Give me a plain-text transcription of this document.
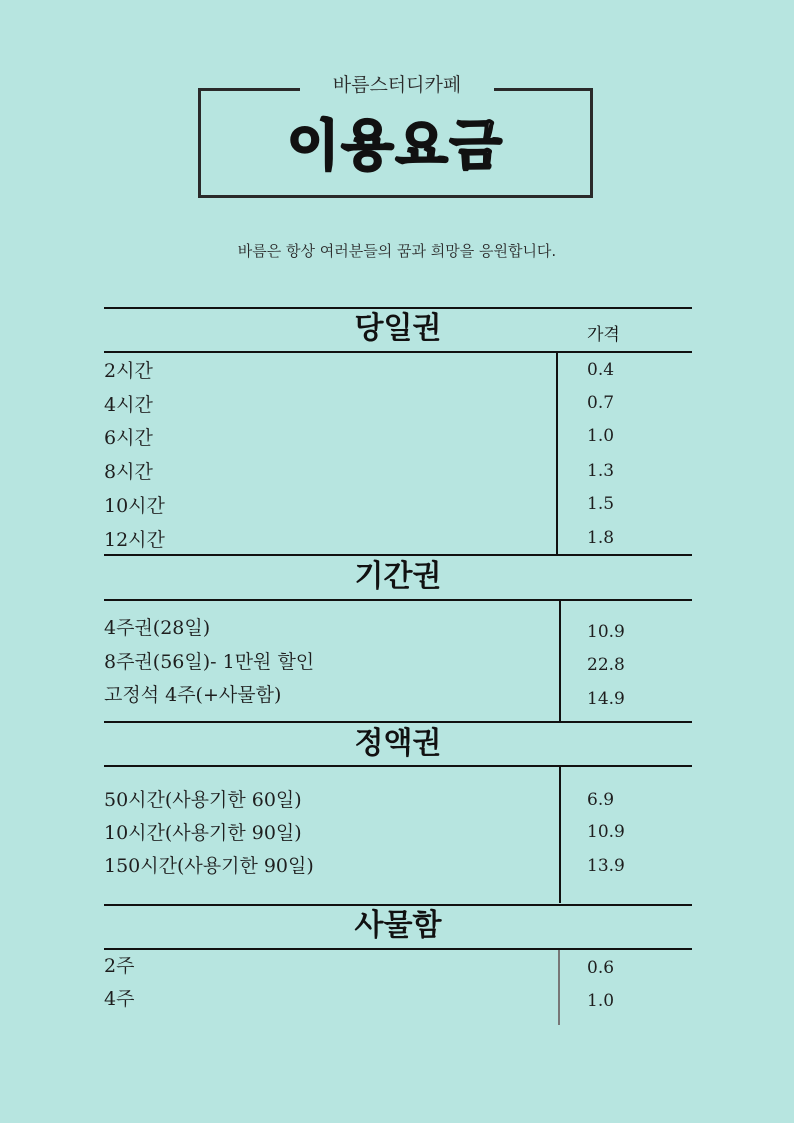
바름스터디카페
이용요금
바름은 항상 여러분들의 꿈과 희망을 응원합니다.
당일권	가격
2시간	0.4
4시간	0.7
6시간	1.0
8시간	1.3
10시간	1.5
12시간	1.8
기간권
4주권(28일)	10.9
8주권(56일)- 1만원 할인	22.8
고정석 4주(+사물함)	14.9
정액권
50시간(사용기한 60일)	6.9
10시간(사용기한 90일)	10.9
150시간(사용기한 90일)	13.9
사물함
2주	0.6
4주	1.0
